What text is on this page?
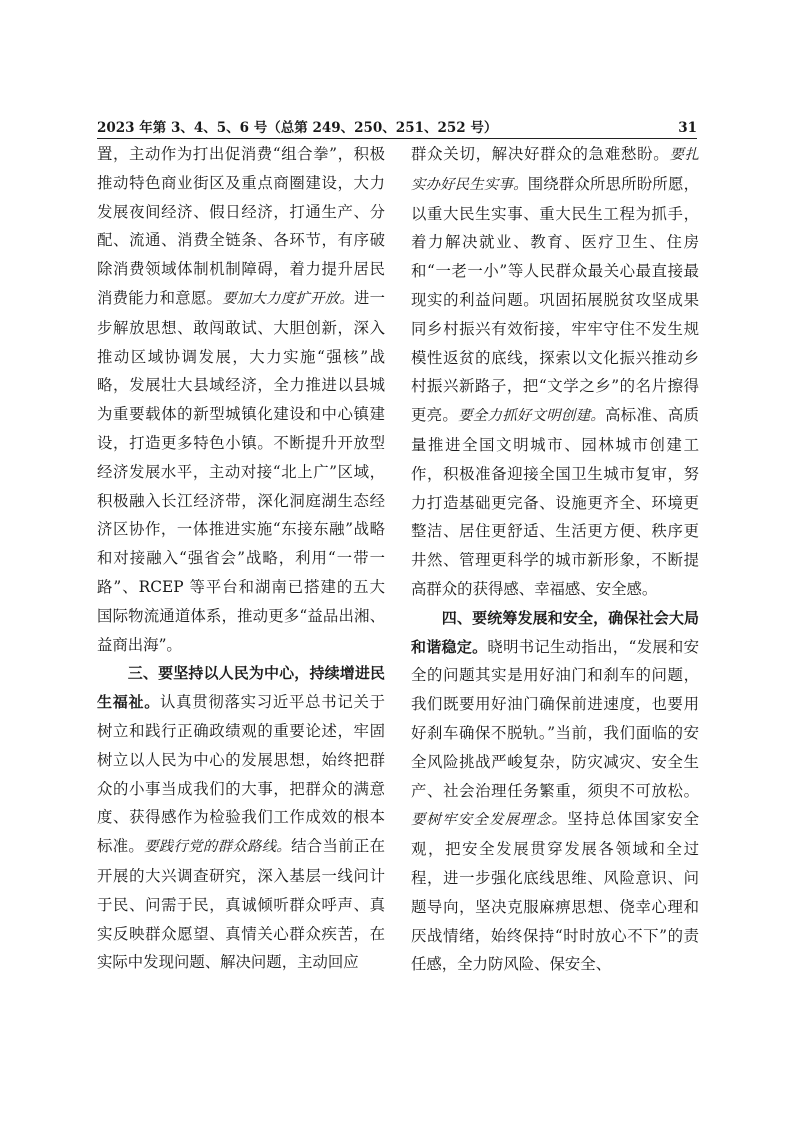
2023 年第 3、4、5、6 号（总第 249、250、251、252 号）	31

置，主动作为打出促消费“组合拳”，积极推动特色商业街区及重点商圈建设，大力发展夜间经济、假日经济，打通生产、分配、流通、消费全链条、各环节，有序破除消费领域体制机制障碍，着力提升居民消费能力和意愿。要加大力度扩开放。进一步解放思想、敢闯敢试、大胆创新，深入推动区域协调发展，大力实施“强核”战略，发展壮大县域经济，全力推进以县城为重要载体的新型城镇化建设和中心镇建设，打造更多特色小镇。不断提升开放型经济发展水平，主动对接“北上广”区域，积极融入长江经济带，深化洞庭湖生态经济区协作，一体推进实施“东接东融”战略和对接融入“强省会”战略，利用“一带一路”、RCEP 等平台和湖南已搭建的五大国际物流通道体系，推动更多“益品出湘、益商出海”。

三、要坚持以人民为中心，持续增进民生福祉。认真贯彻落实习近平总书记关于树立和践行正确政绩观的重要论述，牢固树立以人民为中心的发展思想，始终把群众的小事当成我们的大事，把群众的满意度、获得感作为检验我们工作成效的根本标准。要践行党的群众路线。结合当前正在开展的大兴调查研究，深入基层一线问计于民、问需于民，真诚倾听群众呼声、真实反映群众愿望、真情关心群众疾苦，在实际中发现问题、解决问题，主动回应

群众关切，解决好群众的急难愁盼。要扎实办好民生实事。围绕群众所思所盼所愿，以重大民生实事、重大民生工程为抓手，着力解决就业、教育、医疗卫生、住房和“一老一小”等人民群众最关心最直接最现实的利益问题。巩固拓展脱贫攻坚成果同乡村振兴有效衔接，牢牢守住不发生规模性返贫的底线，探索以文化振兴推动乡村振兴新路子，把“文学之乡”的名片擦得更亮。要全力抓好文明创建。高标准、高质量推进全国文明城市、园林城市创建工作，积极准备迎接全国卫生城市复审，努力打造基础更完备、设施更齐全、环境更整洁、居住更舒适、生活更方便、秩序更井然、管理更科学的城市新形象，不断提高群众的获得感、幸福感、安全感。

四、要统筹发展和安全，确保社会大局和谐稳定。晓明书记生动指出，“发展和安全的问题其实是用好油门和刹车的问题，我们既要用好油门确保前进速度，也要用好刹车确保不脱轨。”当前，我们面临的安全风险挑战严峻复杂，防灾减灾、安全生产、社会治理任务繁重，须臾不可放松。要树牢安全发展理念。坚持总体国家安全观，把安全发展贯穿发展各领域和全过程，进一步强化底线思维、风险意识、问题导向，坚决克服麻痹思想、侥幸心理和厌战情绪，始终保持“时时放心不下”的责任感，全力防风险、保安全、
